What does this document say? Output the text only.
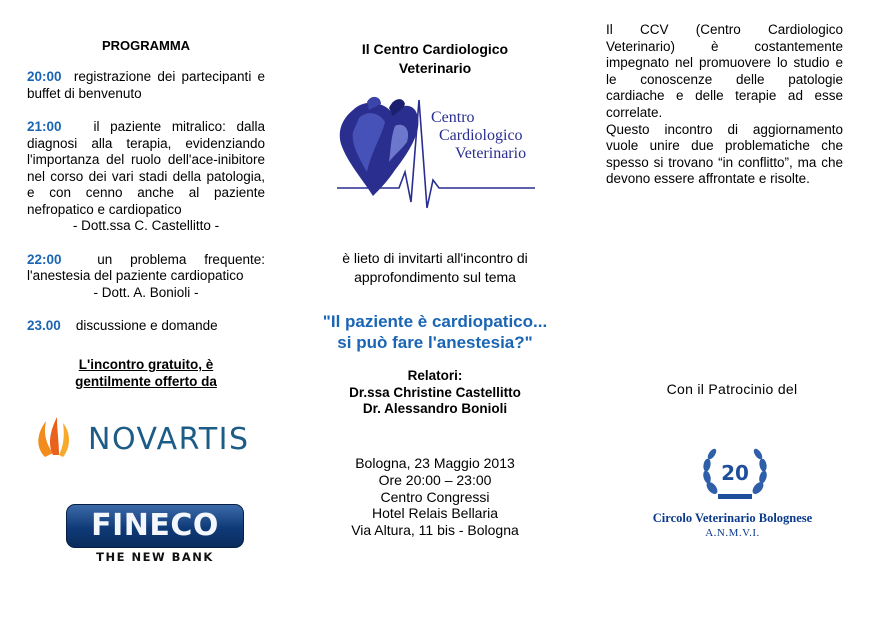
PROGRAMMA
20:00 registrazione dei partecipanti e buffet di benvenuto
21:00 il paziente mitralico: dalla diagnosi alla terapia, evidenziando l'importanza del ruolo dell'ace-inibitore nel corso dei vari stadi della patologia, e con cenno anche al paziente nefropatico e cardiopatico
- Dott.ssa C. Castellitto -
22:00	un problema frequente: l'anestesia del paziente cardiopatico
- Dott. A. Bonioli -
23.00 discussione e domande
L'incontro gratuito, è
gentilmente offerto da
NOVARTIS
FINECO
THE NEW BANK
Il Centro Cardiologico
Veterinario
Centro
Cardiologico
Veterinario
è lieto di invitarti all'incontro di
approfondimento sul tema
"Il paziente è cardiopatico...
si può fare l'anestesia?"
Relatori:
Dr.ssa Christine Castellitto
Dr. Alessandro Bonioli
Bologna, 23 Maggio 2013
Ore 20:00 – 23:00
Centro Congressi
Hotel Relais Bellaria
Via Altura, 11 bis - Bologna

Il CCV (Centro Cardiologico Veterinario) è costantemente impegnato nel promuovere lo studio e le conoscenze delle patologie cardiache e delle terapie ad esse correlate.

Questo incontro di aggiornamento vuole unire due problematiche che spesso si trovano “in conflitto”, ma che devono essere affrontate e risolte.

Con il Patrocinio del
20
Circolo Veterinario Bolognese
A.N.M.V.I.
